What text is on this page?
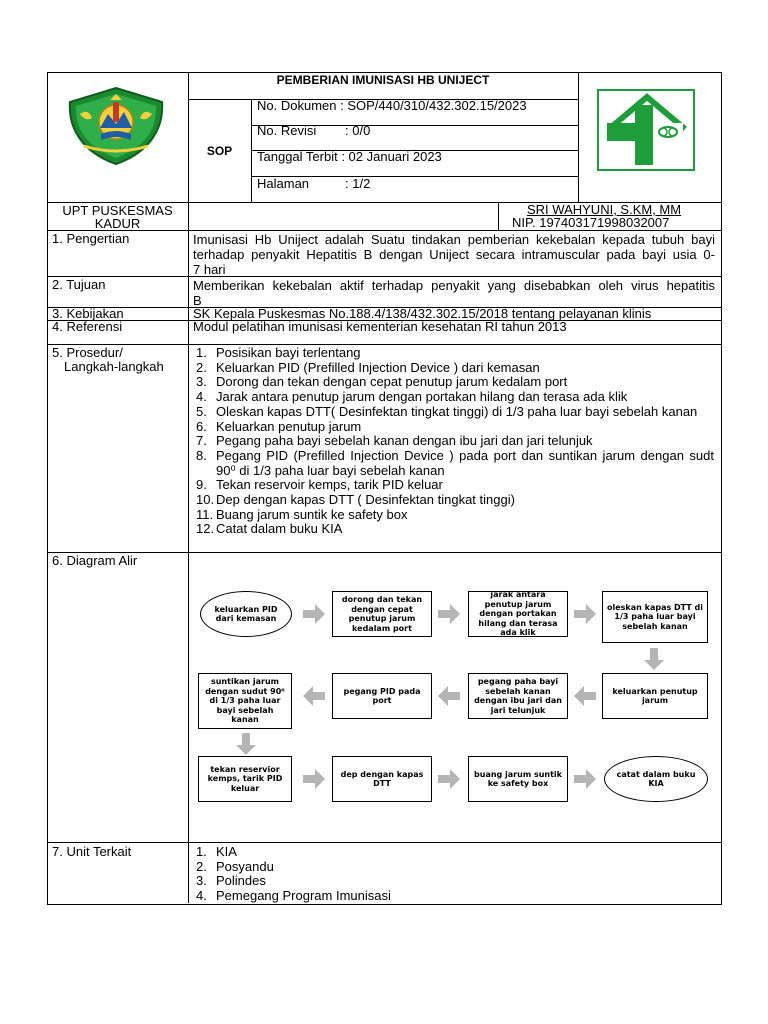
PEMBERIAN IMUNISASI HB UNIJECT
SOP
No. Dokumen : SOP/440/310/432.302.15/2023
No. Revisi : 0/0
Tanggal Terbit : 02 Januari 2023
Halaman	: 1/2
UPT PUSKESMAS
KADUR
SRI WAHYUNI, S.KM, MM
NIP. 197403171998032007
1. Pengertian	Imunisasi Hb Uniject adalah Suatu tindakan pemberian kekebalan kepada tubuh bayi
terhadap penyakit Hepatitis B dengan Uniject secara intramuscular pada bayi usia 0-
7 hari
2. Tujuan	Memberikan kekebalan aktif terhadap penyakit yang disebabkan oleh virus hepatitis
B
3. Kebijakan	SK Kepala Puskesmas No.188.4/138/432.302.15/2018 tentang pelayanan klinis
4. Referensi	Modul pelatihan imunisasi kementerian kesehatan RI tahun 2013
5. Prosedur/
Langkah-langkah
1. Posisikan bayi terlentang
2. Keluarkan PID (Prefilled Injection Device ) dari kemasan
3. Dorong dan tekan dengan cepat penutup jarum kedalam port
4. Jarak antara penutup jarum dengan portakan hilang dan terasa ada klik
5. Oleskan kapas DTT( Desinfektan tingkat tinggi) di 1/3 paha luar bayi sebelah kanan
6. Keluarkan penutup jarum
7. Pegang paha bayi sebelah kanan dengan ibu jari dan jari telunjuk
8. Pegang PID (Prefilled Injection Device ) pada port dan suntikan jarum dengan sudt 90⁰ di 1/3 paha luar bayi sebelah kanan
9. Tekan reservoir kemps, tarik PID keluar
10. Dep dengan kapas DTT ( Desinfektan tingkat tinggi)
11. Buang jarum suntik ke safety box
12. Catat dalam buku KIA
6. Diagram Alir
keluarkan PID dari kemasan
dorong dan tekan dengan cepat penutup jarum kedalam port
jarak antara penutup jarum dengan portakan hilang dan terasa ada klik
oleskan kapas DTT di 1/3 paha luar bayi sebelah kanan
keluarkan penutup jarum
pegang paha bayi sebelah kanan dengan ibu jari dan jari telunjuk
pegang PID pada port
suntikan jarum dengan sudut 90⁰ di 1/3 paha luar bayi sebelah kanan
tekan reservior kemps, tarik PID keluar
dep dengan kapas DTT
buang jarum suntik ke safety box
catat dalam buku KIA
7. Unit Terkait	1. KIA
2. Posyandu
3. Polindes
4. Pemegang Program Imunisasi
